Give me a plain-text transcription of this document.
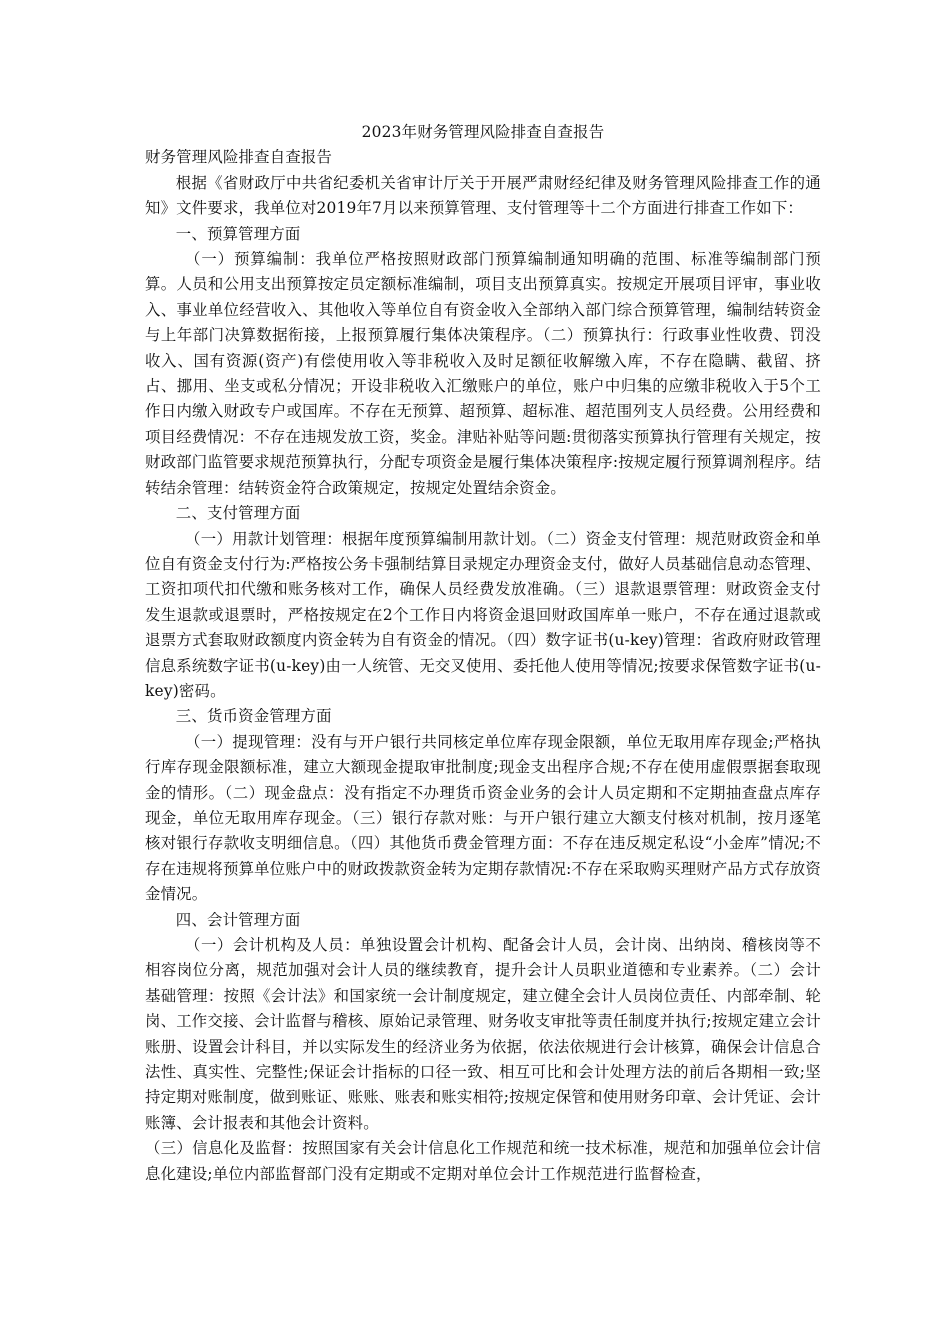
2023年财务管理风险排查自查报告

财务管理风险排查自查报告

根据《省财政厅中共省纪委机关省审计厅关于开展严肃财经纪律及财务管理风险排查工作的通知》文件要求，我单位对2019年7月以来预算管理、支付管理等十二个方面进行排查工作如下：

一、预算管理方面

（一）预算编制：我单位严格按照财政部门预算编制通知明确的范围、标准等编制部门预算。人员和公用支出预算按定员定额标准编制，项目支出预算真实。按规定开展项目评审，事业收入、事业单位经营收入、其他收入等单位自有资金收入全部纳入部门综合预算管理，编制结转资金与上年部门决算数据衔接，上报预算履行集体决策程序。（二）预算执行：行政事业性收费、罚没收入、国有资源(资产)有偿使用收入等非税收入及时足额征收解缴入库，不存在隐瞒、截留、挤占、挪用、坐支或私分情况；开设非税收入汇缴账户的单位，账户中归集的应缴非税收入于5个工作日内缴入财政专户或国库。不存在无预算、超预算、超标准、超范围列支人员经费。公用经费和项目经费情况：不存在违规发放工资，奖金。津贴补贴等问题:贯彻落实预算执行管理有关规定，按财政部门监管要求规范预算执行，分配专项资金是履行集体决策程序:按规定履行预算调剂程序。结转结余管理：结转资金符合政策规定，按规定处置结余资金。

二、支付管理方面

（一）用款计划管理：根据年度预算编制用款计划。（二）资金支付管理：规范财政资金和单位自有资金支付行为:严格按公务卡强制结算目录规定办理资金支付，做好人员基础信息动态管理、工资扣项代扣代缴和账务核对工作，确保人员经费发放准确。（三）退款退票管理：财政资金支付发生退款或退票时，严格按规定在2个工作日内将资金退回财政国库单一账户，不存在通过退款或退票方式套取财政额度内资金转为自有资金的情况。（四）数字证书(u-key)管理：省政府财政管理信息系统数字证书(u-key)由一人统管、无交叉使用、委托他人使用等情况;按要求保管数字证书(u-key)密码。

三、货币资金管理方面

（一）提现管理：没有与开户银行共同核定单位库存现金限额，单位无取用库存现金;严格执行库存现金限额标准，建立大额现金提取审批制度;现金支出程序合规;不存在使用虚假票据套取现金的情形。（二）现金盘点：没有指定不办理货币资金业务的会计人员定期和不定期抽查盘点库存现金，单位无取用库存现金。（三）银行存款对账：与开户银行建立大额支付核对机制，按月逐笔核对银行存款收支明细信息。（四）其他货币费金管理方面：不存在违反规定私设“小金库”情况;不存在违规将预算单位账户中的财政拨款资金转为定期存款情况:不存在采取购买理财产品方式存放资金情况。

四、会计管理方面

（一）会计机构及人员：单独设置会计机构、配备会计人员，会计岗、出纳岗、稽核岗等不相容岗位分离，规范加强对会计人员的继续教育，提升会计人员职业道德和专业素养。（二）会计基础管理：按照《会计法》和国家统一会计制度规定，建立健全会计人员岗位责任、内部牵制、轮岗、工作交接、会计监督与稽核、原始记录管理、财务收支审批等责任制度并执行;按规定建立会计账册、设置会计科目，并以实际发生的经济业务为依据，依法依规进行会计核算，确保会计信息合法性、真实性、完整性;保证会计指标的口径一致、相互可比和会计处理方法的前后各期相一致;坚持定期对账制度，做到账证、账账、账表和账实相符;按规定保管和使用财务印章、会计凭证、会计账簿、会计报表和其他会计资料。

（三）信息化及监督：按照国家有关会计信息化工作规范和统一技术标准，规范和加强单位会计信息化建设;单位内部监督部门没有定期或不定期对单位会计工作规范进行监督检查，
